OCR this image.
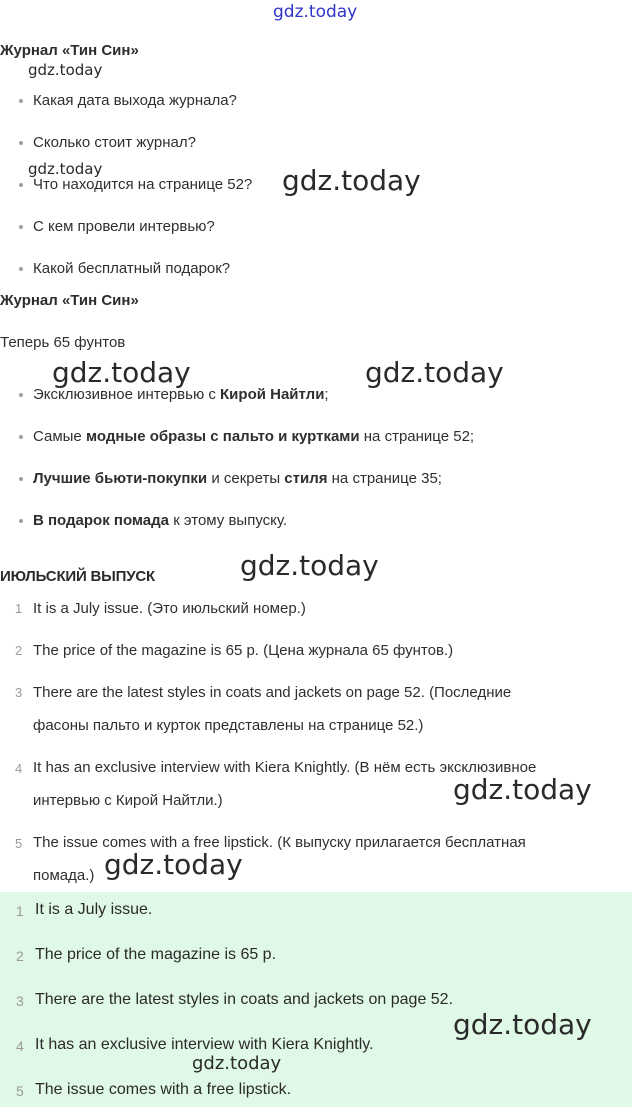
gdz.today
Журнал «Тин Син»
gdz.today
Какая дата выхода журнала?
Сколько стоит журнал?
gdz.today
Что находится на странице 52? gdz.today
С кем провели интервью?
Какой бесплатный подарок?
Журнал «Тин Син»
Теперь 65 фунтов
gdz.today	gdz.today
Эксклюзивное интервью с Кирой Найтли;
Самые модные образы с пальто и куртками на странице 52;
Лучшие бьюти-покупки и секреты стиля на странице 35;
В подарок помада к этому выпуску.
gdz.today
ИЮЛЬСКИЙ ВЫПУСК
1 It is a July issue. (Это июльский номер.)
2 The price of the magazine is 65 p. (Цена журнала 65 фунтов.)
3 There are the latest styles in coats and jackets on page 52. (Последние
фасоны пальто и курток представлены на странице 52.)
4 It has an exclusive interview with Kiera Knightly. (В нём есть эксклюзивное
интервью с Кирой Найтли.)	gdz.today
5 The issue comes with a free lipstick. (К выпуску прилагается бесплатная
помада.) gdz.today
1 It is a July issue.
2 The price of the magazine is 65 p.
3 There are the latest styles in coats and jackets on page 52.
gdz.today
4 It has an exclusive interview with Kiera Knightly.
gdz.today
5 The issue comes with a free lipstick.
